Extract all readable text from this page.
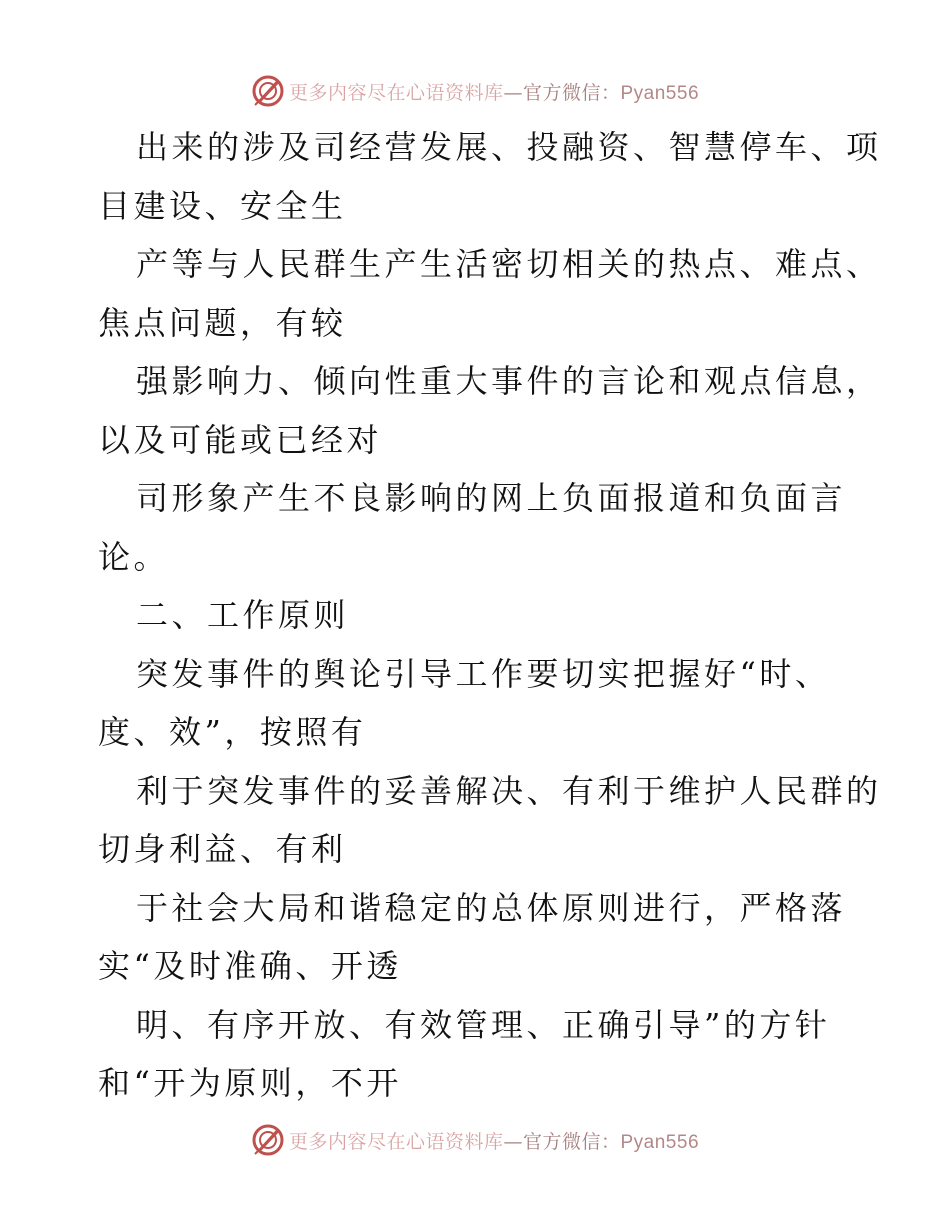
更多内容尽在心语资料库—官方微信：Pyan556
出来的涉及司经营发展、投融资、智慧停车、项
目建设、安全生
产等与人民群生产生活密切相关的热点、难点、
焦点问题，有较
强影响力、倾向性重大事件的言论和观点信息，
以及可能或已经对
司形象产生不良影响的网上负面报道和负面言
论。
二、工作原则
突发事件的舆论引导工作要切实把握好“时、
度、效”，按照有
利于突发事件的妥善解决、有利于维护人民群的
切身利益、有利
于社会大局和谐稳定的总体原则进行，严格落
实“及时准确、开透
明、有序开放、有效管理、正确引导”的方针
和“开为原则，不开
更多内容尽在心语资料库—官方微信：Pyan556
